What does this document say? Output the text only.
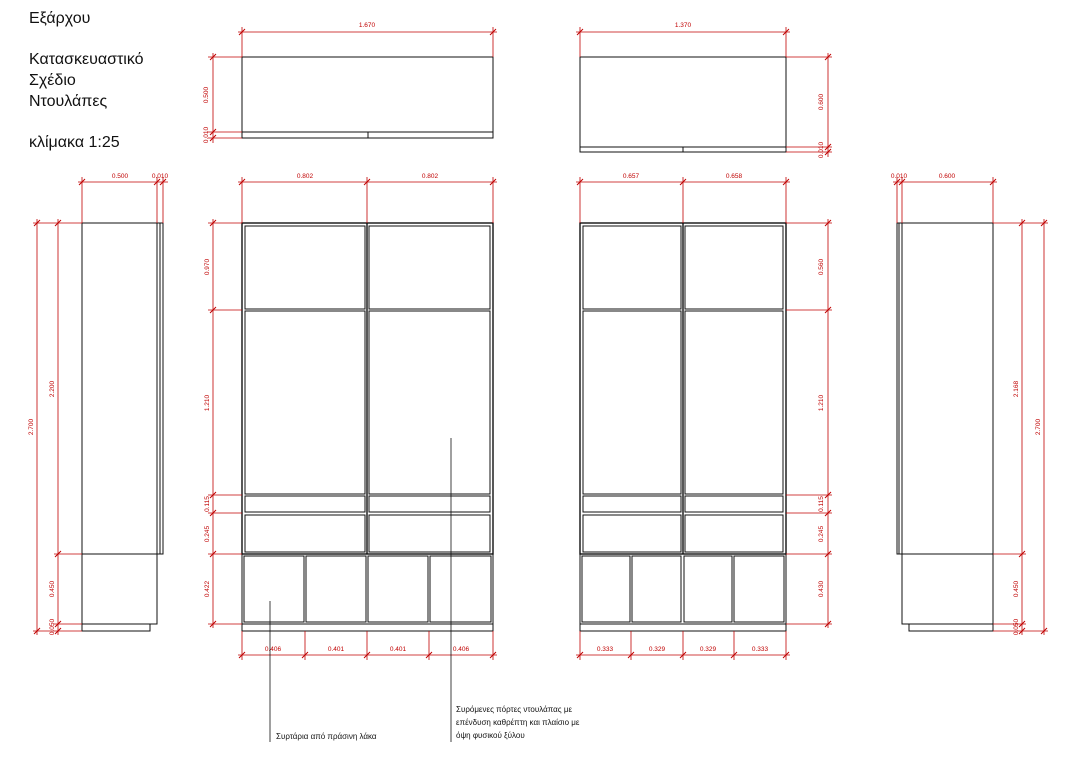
Εξάρχου
Κατασκευαστικό
Σχέδιο
Ντουλάπες
κλίμακα 1:25
1.670
0.500
0.010
1.370
0.600
0.010
0.500	0.010
2.700
2.200
0.450
0.050
0.802	0.802
0.970
1.210
0.115
0.245
0.422
0.406	0.401	0.401	0.406
0.657	0.658
0.560
1.210
0.115
0.245
0.430
0.333	0.329	0.329	0.333
0.010	0.600
2.168
2.700
0.450
0.050
Συρτάρια από πράσινη λάκα
Συρόμενες πόρτες ντουλάπας με
επένδυση καθρέπτη και πλαίσιο με
όψη φυσικού ξύλου
